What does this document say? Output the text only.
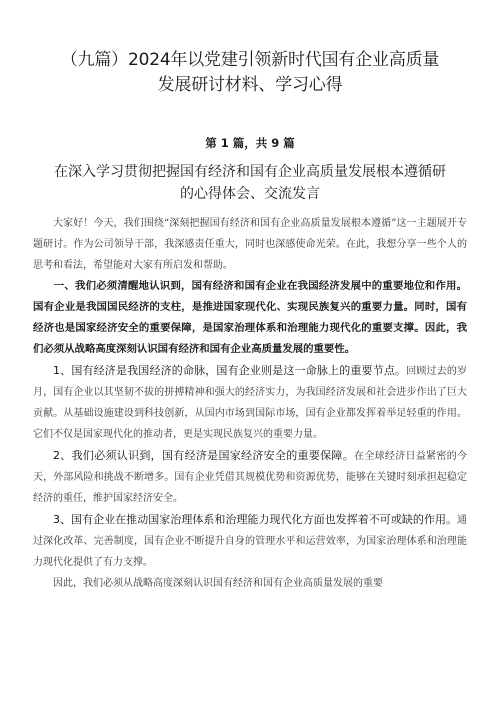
（九篇）2024年以党建引领新时代国有企业高质量发展研讨材料、学习心得
第 1 篇，共 9 篇
在深入学习贯彻把握国有经济和国有企业高质量发展根本遵循研的心得体会、交流发言

大家好！今天，我们围绕“深刻把握国有经济和国有企业高质量发展根本遵循”这一主题展开专题研讨。作为公司领导干部，我深感责任重大，同时也深感使命光荣。在此，我想分享一些个人的思考和看法，希望能对大家有所启发和帮助。

一、我们必须清醒地认识到，国有经济和国有企业在我国经济发展中的重要地位和作用。国有企业是我国国民经济的支柱，是推进国家现代化、实现民族复兴的重要力量。同时，国有经济也是国家经济安全的重要保障，是国家治理体系和治理能力现代化的重要支撑。因此，我们必须从战略高度深刻认识国有经济和国有企业高质量发展的重要性。

1、国有经济是我国经济的命脉，国有企业则是这一命脉上的重要节点。回顾过去的岁月，国有企业以其坚韧不拔的拼搏精神和强大的经济实力，为我国经济发展和社会进步作出了巨大贡献。从基础设施建设到科技创新，从国内市场到国际市场，国有企业都发挥着举足轻重的作用。它们不仅是国家现代化的推动者，更是实现民族复兴的重要力量。

2、我们必须认识到，国有经济是国家经济安全的重要保障。在全球经济日益紧密的今天，外部风险和挑战不断增多。国有企业凭借其规模优势和资源优势，能够在关键时刻承担起稳定经济的重任，维护国家经济安全。

3、国有企业在推动国家治理体系和治理能力现代化方面也发挥着不可或缺的作用。通过深化改革、完善制度，国有企业不断提升自身的管理水平和运营效率，为国家治理体系和治理能力现代化提供了有力支撑。

因此，我们必须从战略高度深刻认识国有经济和国有企业高质量发展的重要
